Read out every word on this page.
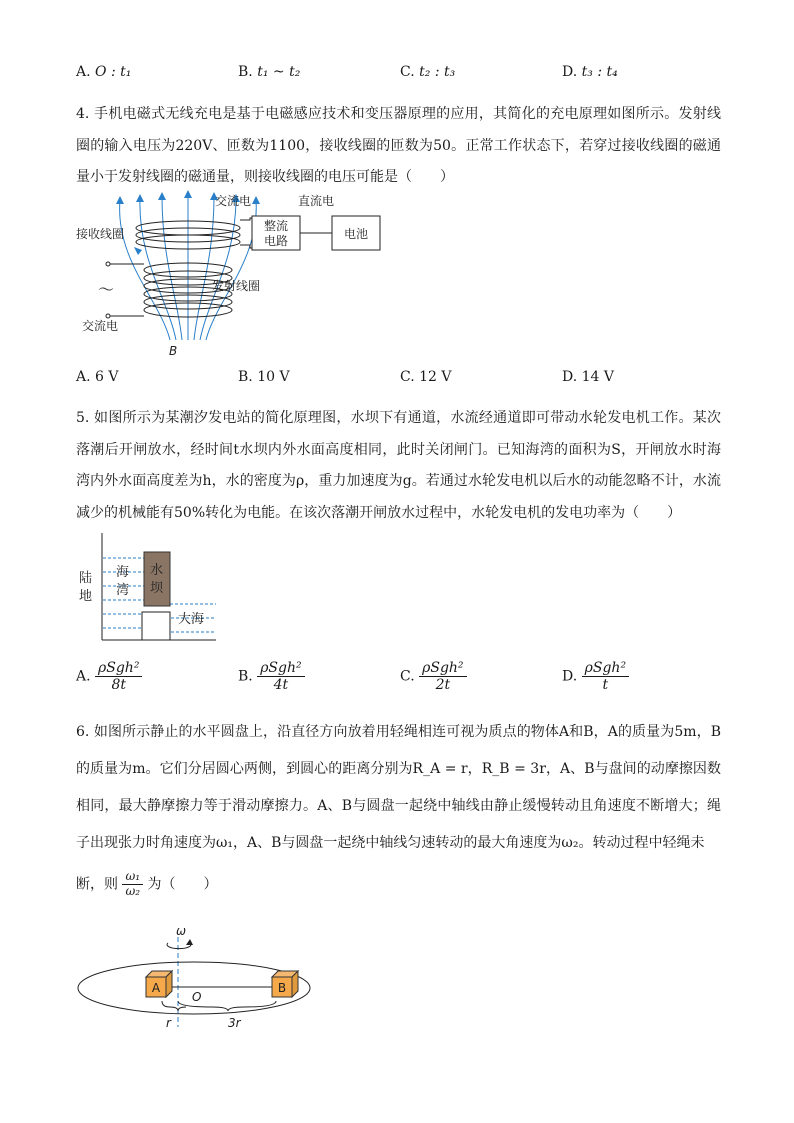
A. O : t₁	B. t₁ ~ t₂	C. t₂ : t₃	D. t₃ : t₄
4. 手机电磁式无线充电是基于电磁感应技术和变压器原理的应用，其简化的充电原理如图所示。发射线圈的输入电压为220V、匝数为1100，接收线圈的匝数为50。正常工作状态下，若穿过接收线圈的磁通量小于发射线圈的磁通量，则接收线圈的电压可能是（　　）
整流
电路	电池
交流电	直流电
接收线圈
～	发射线圈
交流电
B
A. 6 V	B. 10 V	C. 12 V	D. 14 V
5. 如图所示为某潮汐发电站的简化原理图，水坝下有通道，水流经通道即可带动水轮发电机工作。某次落潮后开闸放水，经时间t水坝内外水面高度相同，此时关闭闸门。已知海湾的面积为S，开闸放水时海湾内外水面高度差为h，水的密度为ρ，重力加速度为g。若通过水轮发电机以后水的动能忽略不计，水流减少的机械能有50%转化为电能。在该次落潮开闸放水过程中，水轮发电机的发电功率为（　　）
陆
地
海
湾
水
坝
大海
A. $\frac{\text{ρSgh²}}{8t}$	B. $\frac{\text{ρSgh²}}{4t}$	C. $\frac{\text{ρSgh²}}{2t}$	D. $\frac{\text{ρSgh²}}{t}$
6. 如图所示静止的水平圆盘上，沿直径方向放着用轻绳相连可视为质点的物体A和B，A的质量为5m，B的质量为m。它们分居圆心两侧，到圆心的距离分别为R_A = r，R_B = 3r，A、B与盘间的动摩擦因数相同，最大静摩擦力等于滑动摩擦力。A、B与圆盘一起绕中轴线由静止缓慢转动且角速度不断增大；绳子出现张力时角速度为ω₁，A、B与圆盘一起绕中轴线匀速转动的最大角速度为ω₂。转动过程中轻绳未
断，则 $\frac{\text{ω₁}}{\text{ω₂}}$ 为（　　）
ω
A	B
O
r	3r
